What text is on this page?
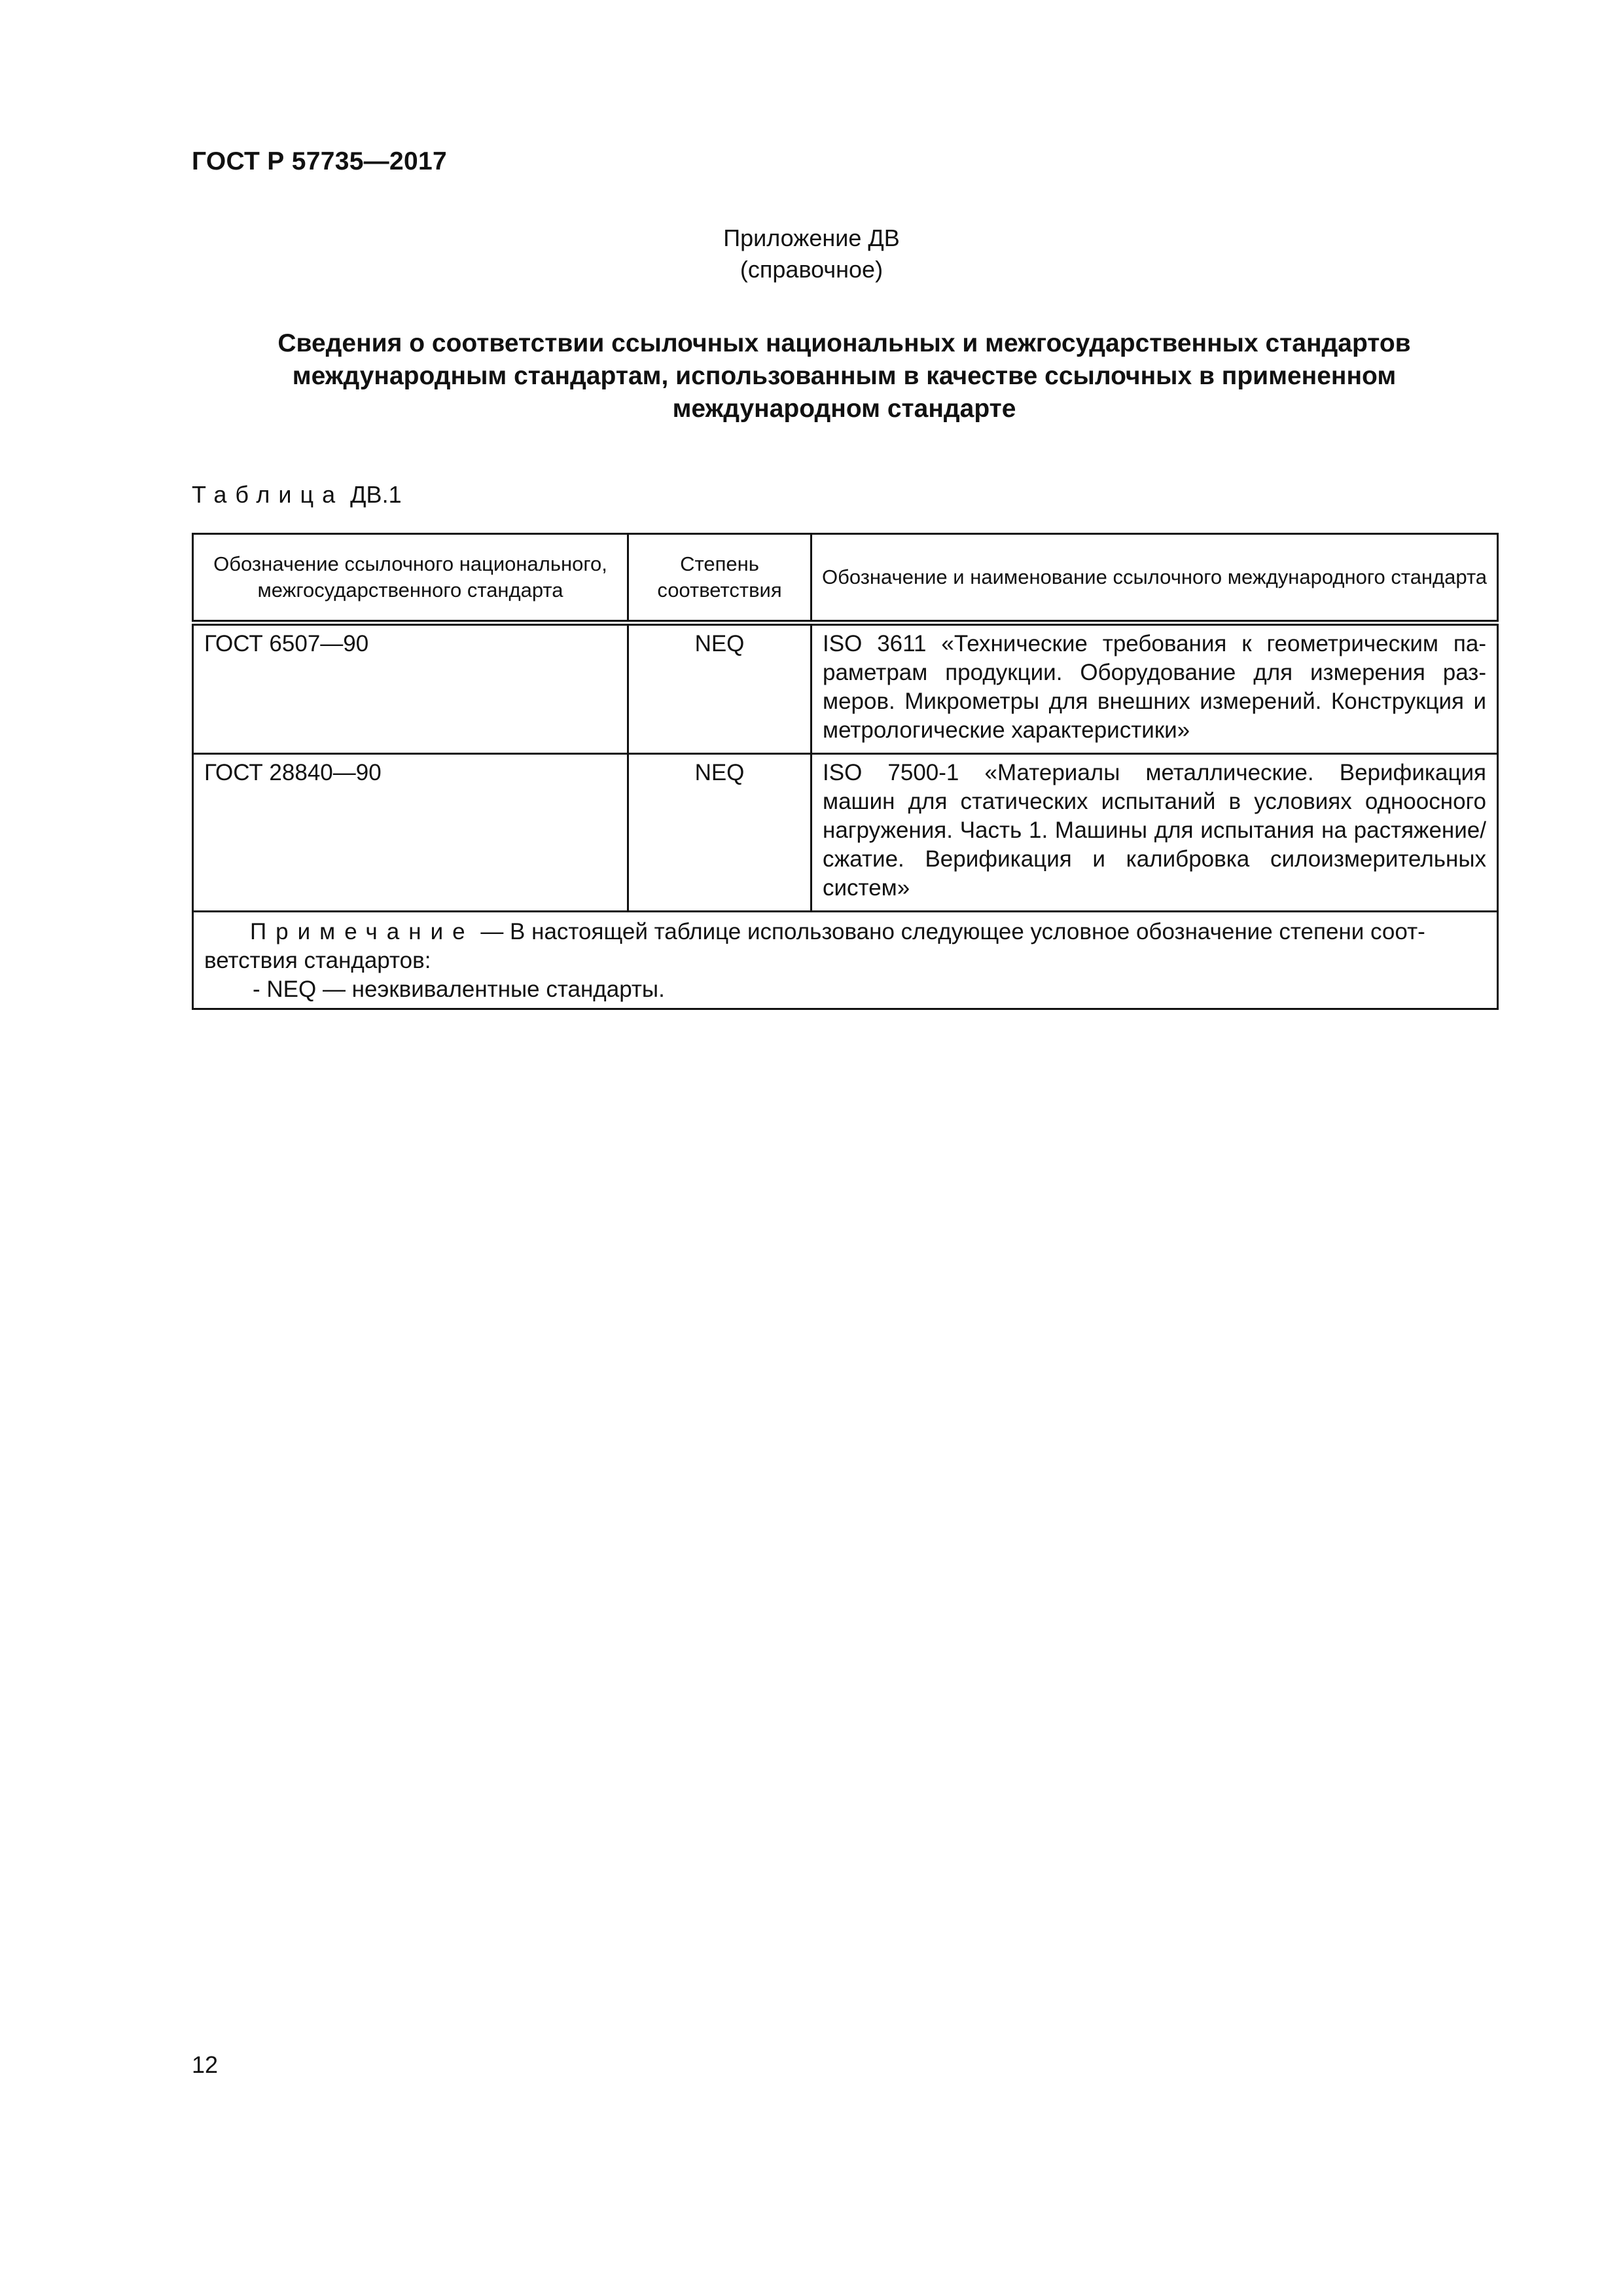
ГОСТ Р 57735—2017
Приложение ДВ
(справочное)
Сведения о соответствии ссылочных национальных и межгосударственных стандартов
международным стандартам, использованным в качестве ссылочных в примененном
международном стандарте
Таблица ДВ.1
Обозначение ссылочного национального, межгосударственного стандарта	Степень соответствия	Обозначение и наименование ссылочного международного стандарта
ГОСТ 6507—90	NEQ	ISO 3611 «Технические требования к геометрическим параметрам продукции. Оборудование для измерения размеров. Микрометры для внешних измерений. Конструкция и метрологические характеристики»
ГОСТ 28840—90	NEQ	ISO 7500-1 «Материалы металлические. Верификация машин для статических испытаний в условиях одноосного нагружения. Часть 1. Машины для испытания на растяжение/сжатие. Верификация и калибровка силоизмерительных систем»

Примечание — В настоящей таблице использовано следующее условное обозначение степени соответствия стандартов:
- NEQ — неэквивалентные стандарты.		
12
